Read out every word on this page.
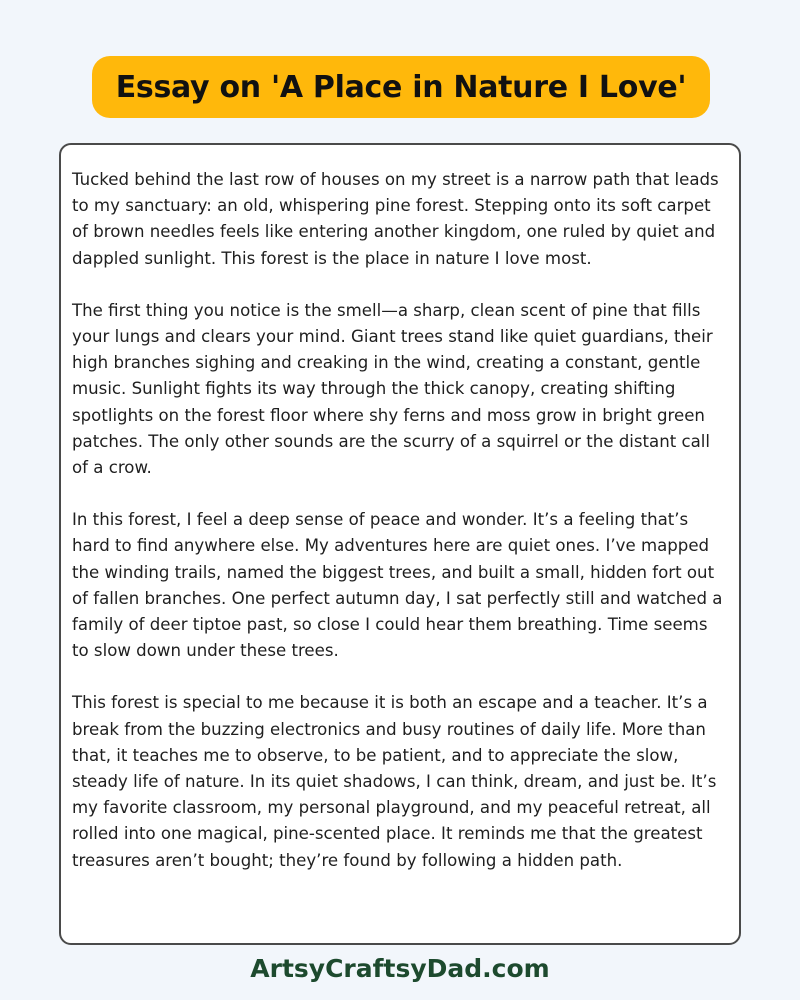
Essay on 'A Place in Nature I Love'

Tucked behind the last row of houses on my street is a narrow path that leads to my sanctuary: an old, whispering pine forest. Stepping onto its soft carpet of brown needles feels like entering another kingdom, one ruled by quiet and dappled sunlight. This forest is the place in nature I love most.

The first thing you notice is the smell—a sharp, clean scent of pine that fills your lungs and clears your mind. Giant trees stand like quiet guardians, their high branches sighing and creaking in the wind, creating a constant, gentle music. Sunlight fights its way through the thick canopy, creating shifting spotlights on the forest floor where shy ferns and moss grow in bright green patches. The only other sounds are the scurry of a squirrel or the distant call of a crow.

In this forest, I feel a deep sense of peace and wonder. It’s a feeling that’s hard to find anywhere else. My adventures here are quiet ones. I’ve mapped the winding trails, named the biggest trees, and built a small, hidden fort out of fallen branches. One perfect autumn day, I sat perfectly still and watched a family of deer tiptoe past, so close I could hear them breathing. Time seems to slow down under these trees.

This forest is special to me because it is both an escape and a teacher. It’s a break from the buzzing electronics and busy routines of daily life. More than that, it teaches me to observe, to be patient, and to appreciate the slow, steady life of nature. In its quiet shadows, I can think, dream, and just be. It’s my favorite classroom, my personal playground, and my peaceful retreat, all rolled into one magical, pine-scented place. It reminds me that the greatest treasures aren’t bought; they’re found by following a hidden path.

ArtsyCraftsyDad.com
